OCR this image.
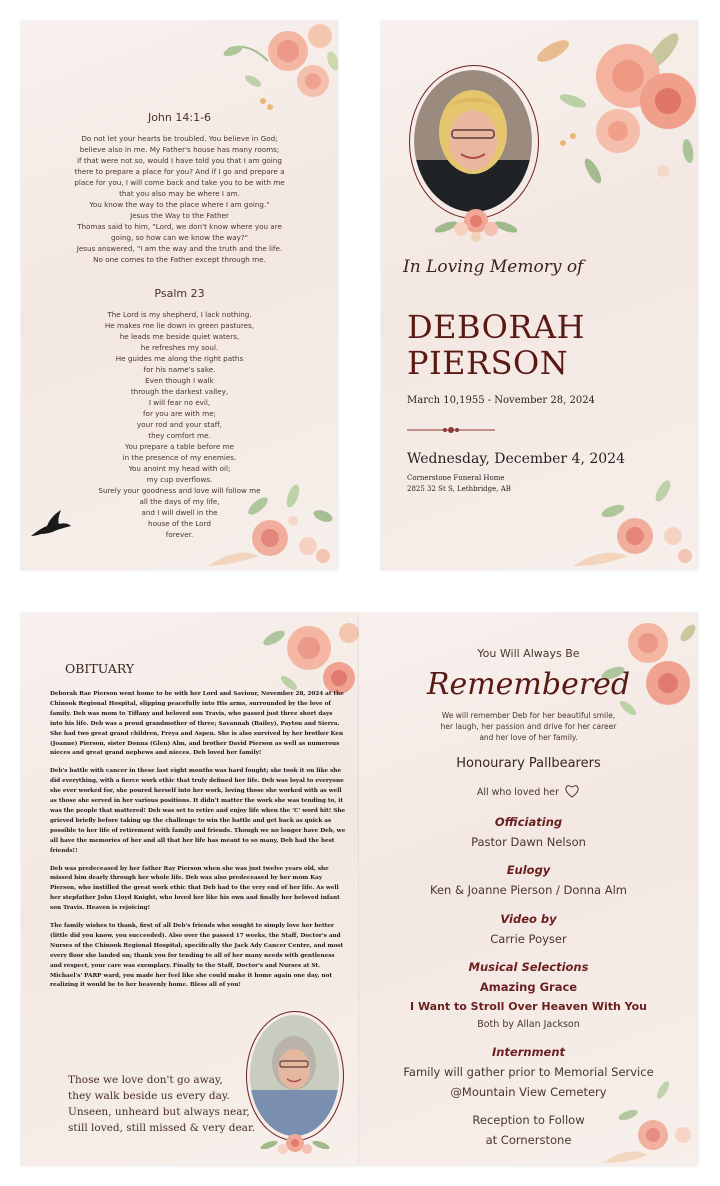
John 14:1-6
Do not let your hearts be troubled. You believe in God;
believe also in me. My Father's house has many rooms;
if that were not so, would I have told you that I am going
there to prepare a place for you? And if I go and prepare a
place for you, I will come back and take you to be with me
that you also may be where I am.
You know the way to the place where I am going."
Jesus the Way to the Father
Thomas said to him, "Lord, we don't know where you are
going, so how can we know the way?"
Jesus answered, "I am the way and the truth and the life.
No one comes to the Father except through me.
Psalm 23
The Lord is my shepherd, I lack nothing.
He makes me lie down in green pastures,
he leads me beside quiet waters,
he refreshes my soul.
He guides me along the right paths
for his name's sake.
Even though I walk
through the darkest valley,
I will fear no evil,
for you are with me;
your rod and your staff,
they comfort me.
You prepare a table before me
in the presence of my enemies.
You anoint my head with oil;
my cup overflows.
Surely your goodness and love will follow me
all the days of my life,
and I will dwell in the
house of the Lord
forever.
In Loving Memory of
DEBORAH
PIERSON
March 10,1955 - November 28, 2024
Wednesday, December 4, 2024
Cornerstone Funeral Home
2825 32 St S, Lethbridge, AB
OBITUARY

Deborah Rae Pierson went home to be with her Lord and Saviour, November 28, 2024 at the Chinook Regional Hospital, slipping peacefully into His arms, surrounded by the love of family. Deb was mom to Tiffany and beloved son Travis, who passed just three short days into his life. Deb was a proud grandmother of three; Savannah (Bailey), Payton and Sierra. She had two great grand children, Freya and Aspen. She is also survived by her brother Ken (Joanne) Pierson, sister Donna (Glen) Alm, and brother David Pierson as well as numerous nieces and great grand nephews and nieces. Deb loved her family!

Deb's battle with cancer in these last eight months was hard fought; she took it on like she did everything, with a fierce work ethic that truly defined her life. Deb was loyal to everyone she ever worked for, she poured herself into her work, loving those she worked with as well as those she served in her various positions. It didn't matter the work she was tending to, it was the people that mattered! Deb was set to retire and enjoy life when the 'C' word hit! She grieved briefly before taking up the challenge to win the battle and get back as quick as possible to her life of retirement with family and friends. Though we no longer have Deb, we all have the memories of her and all that her life has meant to so many, Deb had the best friends!!

Deb was predeceased by her father Ray Pierson when she was just twelve years old, she missed him dearly through her whole life. Deb was also predeceased by her mom Kay Pierson, who instilled the great work ethic that Deb had to the very end of her life. As well her stepfather John Lloyd Knight, who loved her like his own and finally her beloved infant son Travis. Heaven is rejoicing!

The family wishes to thank, first of all Deb's friends who sought to simply love her better (little did you know, you succeeded). Also over the passed 17 weeks, the Staff, Doctor's and Nurses of the Chinook Regional Hospital; specifically the Jack Ady Cancer Centre, and most every floor she landed on; thank you for tending to all of her many needs with gentleness and respect, your care was exemplary. Finally to the Staff, Doctor's and Nurses at St. Michael's' PARP ward, you made her feel like she could make it home again one day, not realizing it would be to her heavenly home. Bless all of you!

Those we love don't go away,
they walk beside us every day.
Unseen, unheard but always near,
still loved, still missed & very dear.
You Will Always Be
Remembered
We will remember Deb for her beautiful smile,
her laugh, her passion and drive for her career
and her love of her family.
Honourary Pallbearers
All who loved her
Officiating
Pastor Dawn Nelson
Eulogy
Ken & Joanne Pierson / Donna Alm
Video by
Carrie Poyser
Musical Selections
Amazing Grace
I Want to Stroll Over Heaven With You
Both by Allan Jackson
Internment
Family will gather prior to Memorial Service
@Mountain View Cemetery
Reception to Follow
at Cornerstone
